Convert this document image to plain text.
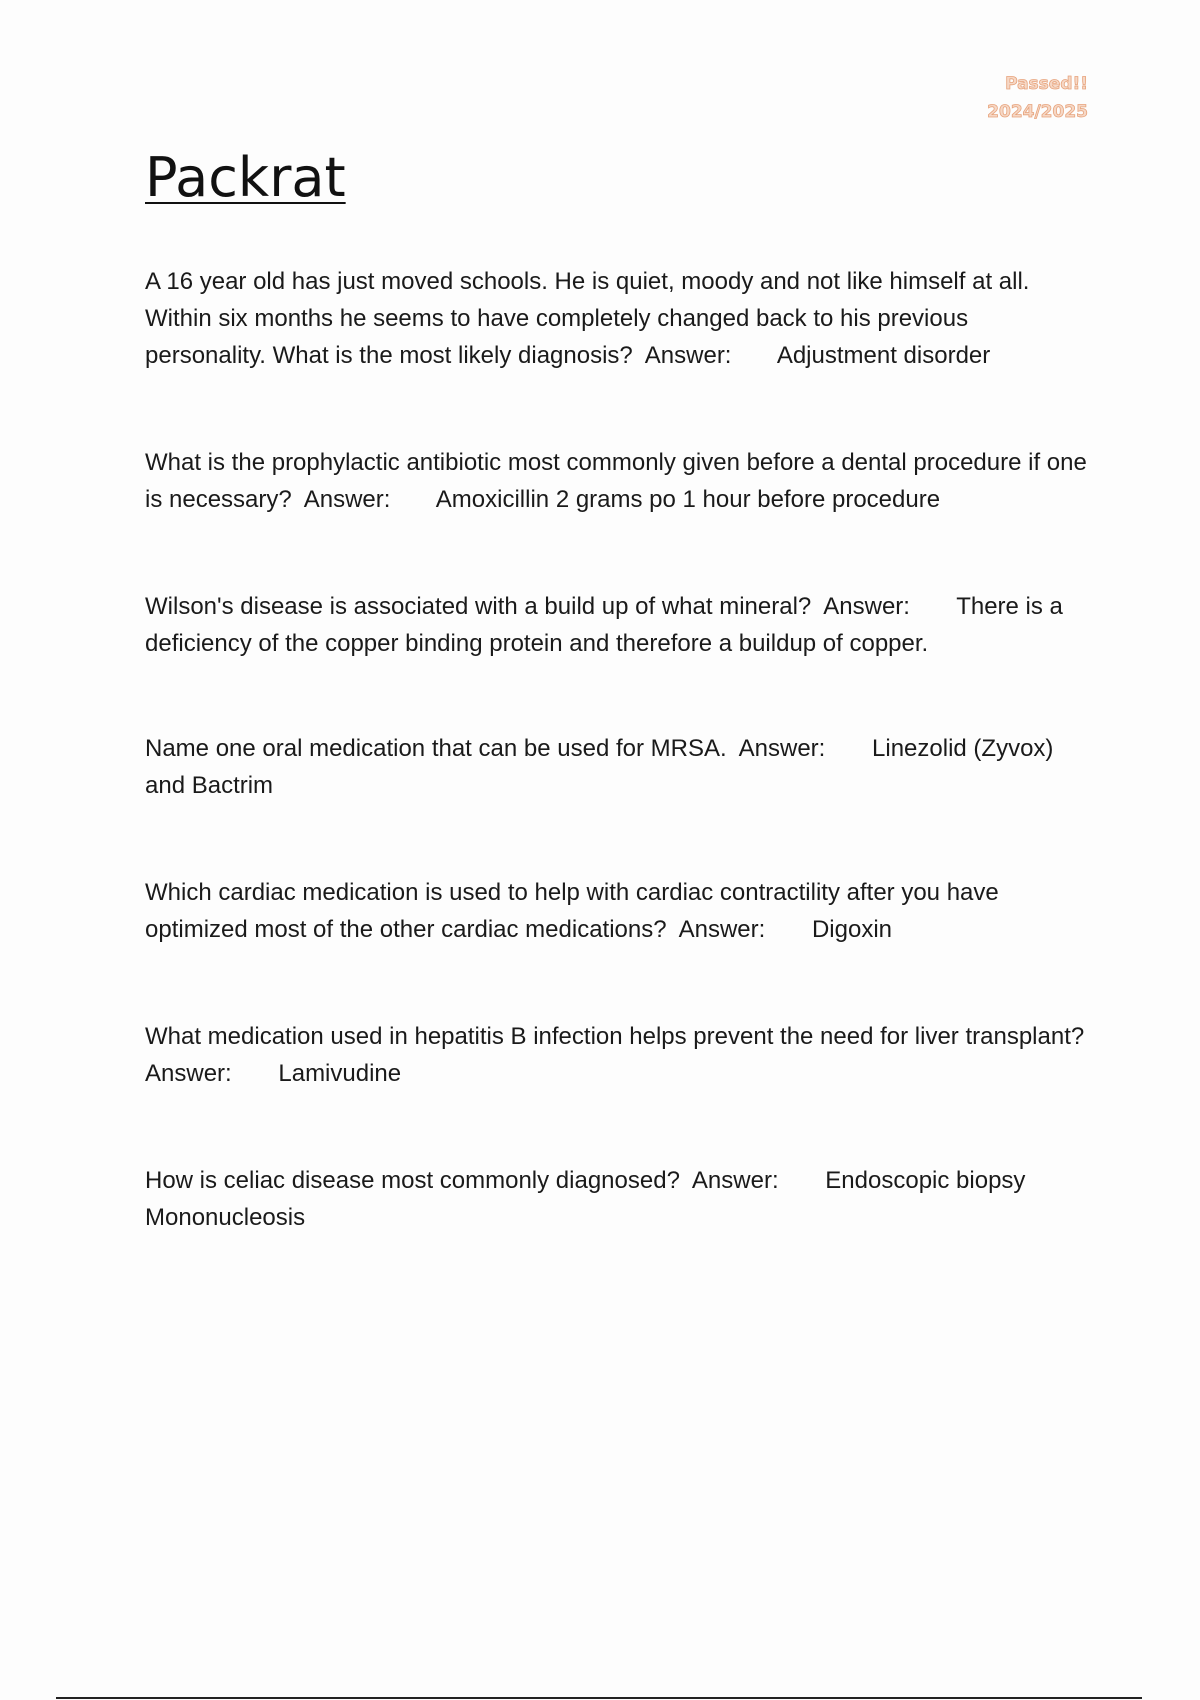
Passed!!
2024/2025
Packrat

A 16 year old has just moved schools. He is quiet, moody and not like himself at all. Within six months he seems to have completely changed back to his previous personality. What is the most likely diagnosis?  Answer:       Adjustment disorder

What is the prophylactic antibiotic most commonly given before a dental procedure if one is necessary?  Answer:       Amoxicillin 2 grams po 1 hour before procedure

Wilson's disease is associated with a build up of what mineral?  Answer:       There is a deficiency of the copper binding protein and therefore a buildup of copper.

Name one oral medication that can be used for MRSA.  Answer:       Linezolid (Zyvox) and Bactrim

Which cardiac medication is used to help with cardiac contractility after you have optimized most of the other cardiac medications?  Answer:       Digoxin

What medication used in hepatitis B infection helps prevent the need for liver transplant?  Answer:       Lamivudine

How is celiac disease most commonly diagnosed?  Answer:       Endoscopic biopsy Mononucleosis
